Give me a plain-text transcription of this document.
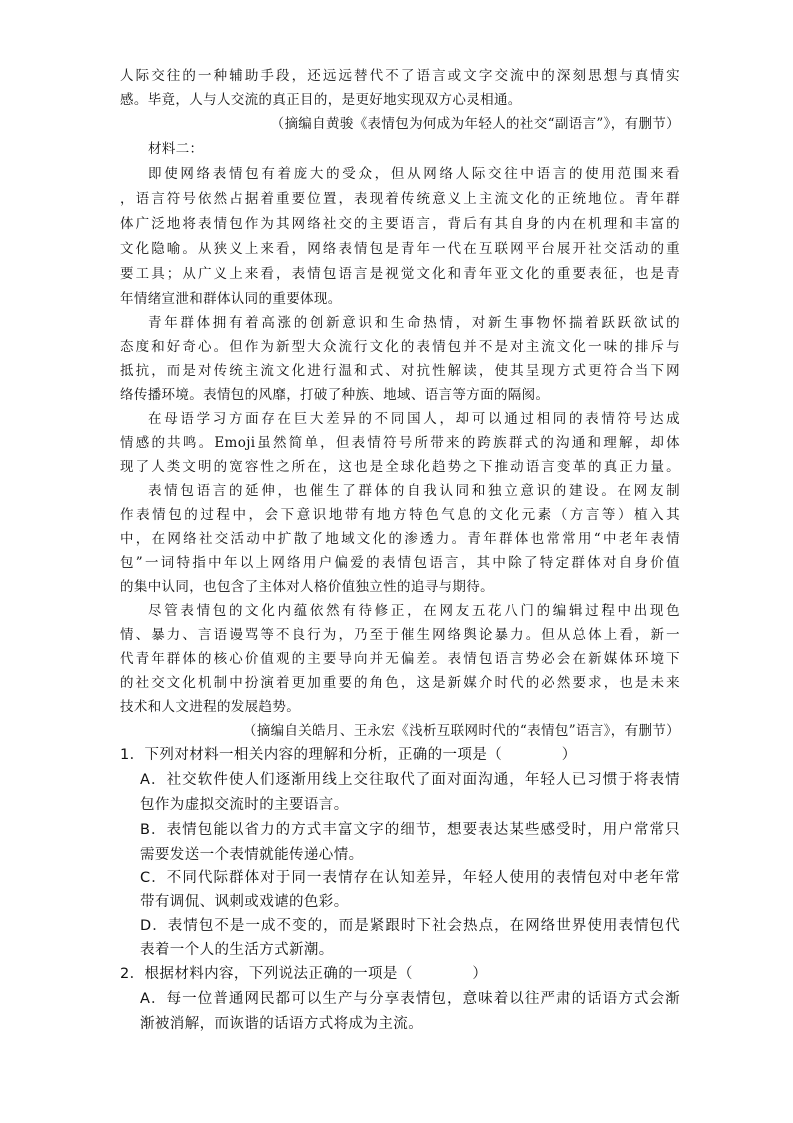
人际交往的一种辅助手段，还远远替代不了语言或文字交流中的深刻思想与真情实
感。毕竟，人与人交流的真正目的，是更好地实现双方心灵相通。
（摘编自黄骏《表情包为何成为年轻人的社交“副语言”》，有删节）
材料二：
即使网络表情包有着庞大的受众，但从网络人际交往中语言的使用范围来看
，语言符号依然占据着重要位置，表现着传统意义上主流文化的正统地位。青年群
体广泛地将表情包作为其网络社交的主要语言，背后有其自身的内在机理和丰富的
文化隐喻。从狭义上来看，网络表情包是青年一代在互联网平台展开社交活动的重
要工具；从广义上来看，表情包语言是视觉文化和青年亚文化的重要表征，也是青
年情绪宣泄和群体认同的重要体现。
青年群体拥有着高涨的创新意识和生命热情，对新生事物怀揣着跃跃欲试的
态度和好奇心。但作为新型大众流行文化的表情包并不是对主流文化一味的排斥与
抵抗，而是对传统主流文化进行温和式、对抗性解读，使其呈现方式更符合当下网
络传播环境。表情包的风靡，打破了种族、地域、语言等方面的隔阂。
在母语学习方面存在巨大差异的不同国人，却可以通过相同的表情符号达成
情感的共鸣。Emoji虽然简单，但表情符号所带来的跨族群式的沟通和理解，却体
现了人类文明的宽容性之所在，这也是全球化趋势之下推动语言变革的真正力量。
表情包语言的延伸，也催生了群体的自我认同和独立意识的建设。在网友制
作表情包的过程中，会下意识地带有地方特色气息的文化元素（方言等）植入其
中，在网络社交活动中扩散了地域文化的渗透力。青年群体也常常用“中老年表情
包”一词特指中年以上网络用户偏爱的表情包语言，其中除了特定群体对自身价值
的集中认同，也包含了主体对人格价值独立性的追寻与期待。
尽管表情包的文化内蕴依然有待修正，在网友五花八门的编辑过程中出现色
情、暴力、言语谩骂等不良行为，乃至于催生网络舆论暴力。但从总体上看，新一
代青年群体的核心价值观的主要导向并无偏差。表情包语言势必会在新媒体环境下
的社交文化机制中扮演着更加重要的角色，这是新媒介时代的必然要求，也是未来
技术和人文进程的发展趋势。
（摘编自关皓月、王永宏《浅析互联网时代的“表情包”语言》，有删节）
1．下列对材料一相关内容的理解和分析，正确的一项是（　　　　）
A．社交软件使人们逐渐用线上交往取代了面对面沟通，年轻人已习惯于将表情
包作为虚拟交流时的主要语言。
B．表情包能以省力的方式丰富文字的细节，想要表达某些感受时，用户常常只
需要发送一个表情就能传递心情。
C．不同代际群体对于同一表情存在认知差异，年轻人使用的表情包对中老年常
带有调侃、讽刺或戏谑的色彩。
D．表情包不是一成不变的，而是紧跟时下社会热点，在网络世界使用表情包代
表着一个人的生活方式新潮。
2．根据材料内容，下列说法正确的一项是（　　　　）
A．每一位普通网民都可以生产与分享表情包，意味着以往严肃的话语方式会渐
渐被消解，而诙谐的话语方式将成为主流。
